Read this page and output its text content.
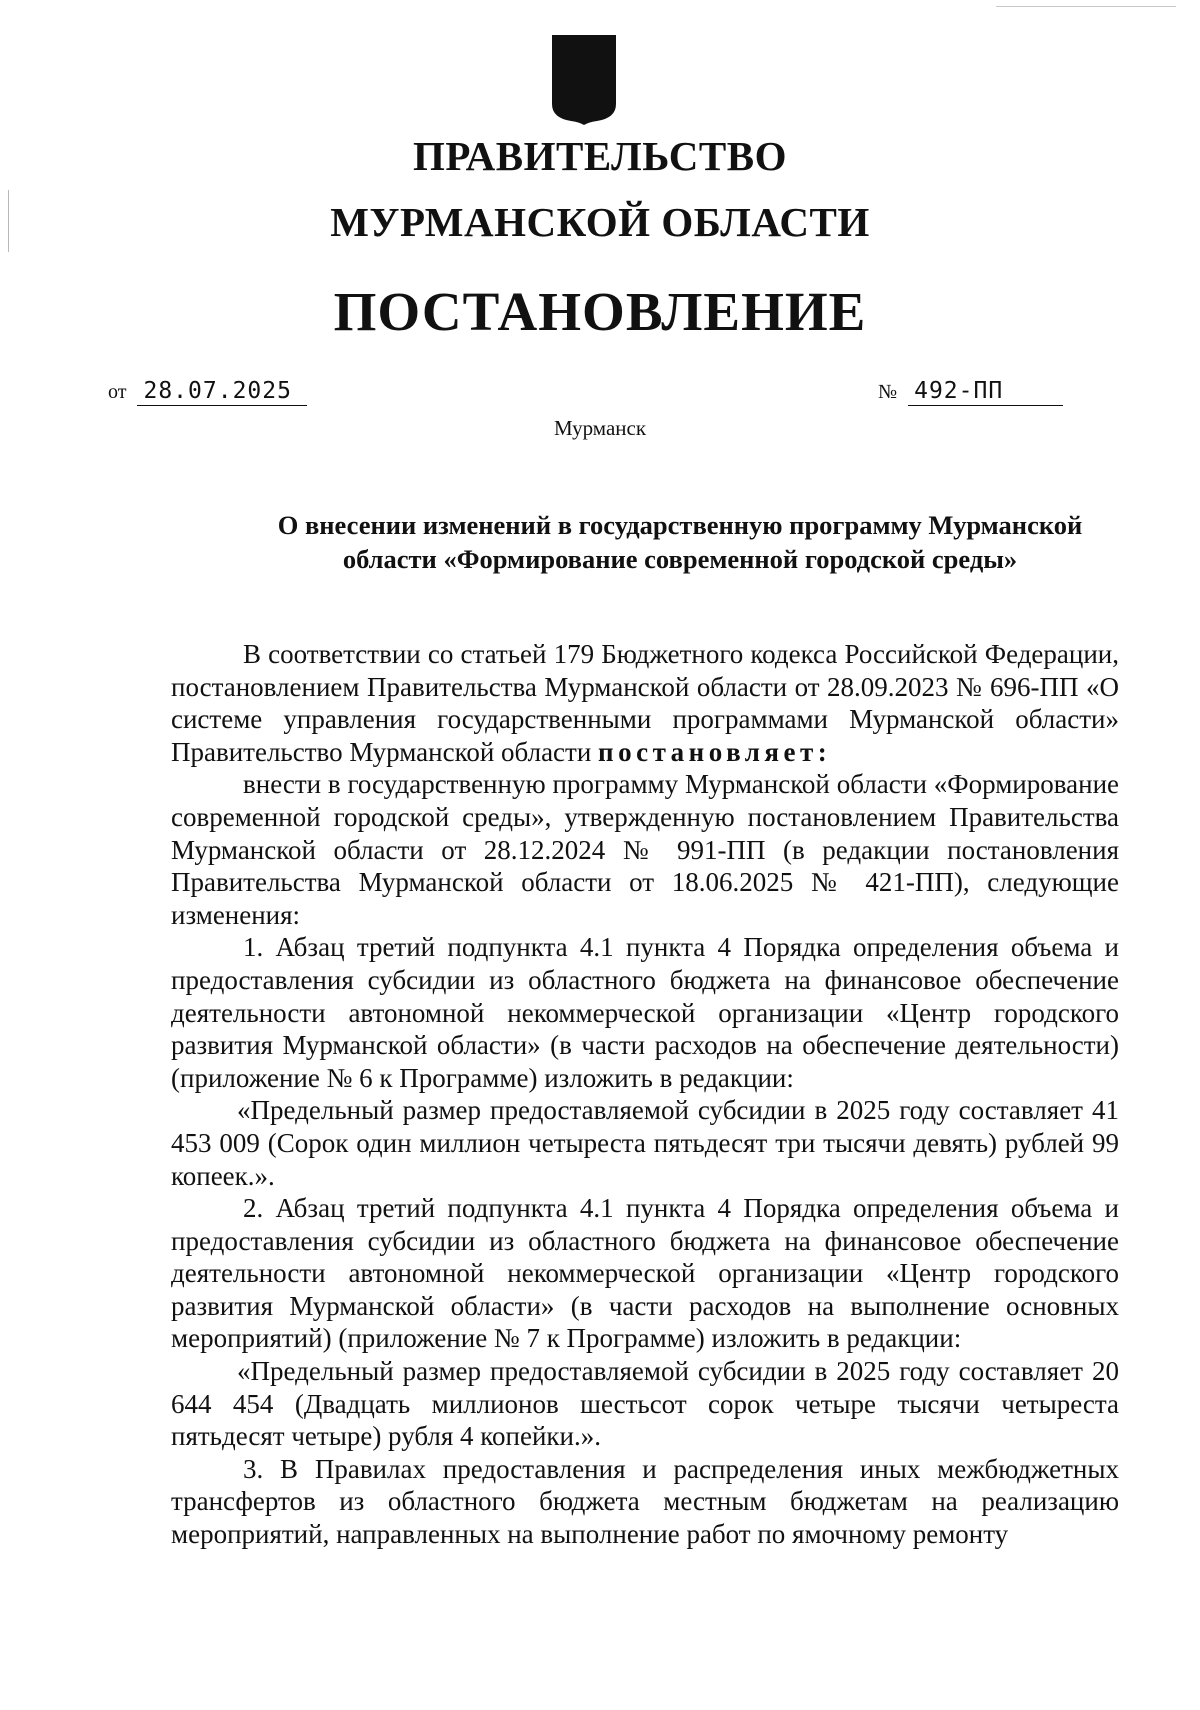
ПРАВИТЕЛЬСТВО
МУРМАНСКОЙ ОБЛАСТИ
ПОСТАНОВЛЕНИЕ
от 28.07.2025	№ 492-ПП
Мурманск
О внесении изменений в государственную программу Мурманской
области «Формирование современной городской среды»

В соответствии со статьей 179 Бюджетного кодекса Российской Федерации, постановлением Правительства Мурманской области от 28.09.2023 № 696-ПП «О системе управления государственными программами Мурманской области» Правительство Мурманской области постановляет:

внести в государственную программу Мурманской области «Формирование современной городской среды», утвержденную постановлением Правительства Мурманской области от 28.12.2024 № 991-ПП (в редакции постановления Правительства Мурманской области от 18.06.2025 № 421-ПП), следующие изменения:

1. Абзац третий подпункта 4.1 пункта 4 Порядка определения объема и предоставления субсидии из областного бюджета на финансовое обеспечение деятельности автономной некоммерческой организации «Центр городского развития Мурманской области» (в части расходов на обеспечение деятельности) (приложение № 6 к Программе) изложить в редакции:

«Предельный размер предоставляемой субсидии в 2025 году составляет 41 453 009 (Сорок один миллион четыреста пятьдесят три тысячи девять) рублей 99 копеек.».

2. Абзац третий подпункта 4.1 пункта 4 Порядка определения объема и предоставления субсидии из областного бюджета на финансовое обеспечение деятельности автономной некоммерческой организации «Центр городского развития Мурманской области» (в части расходов на выполнение основных мероприятий) (приложение № 7 к Программе) изложить в редакции:

«Предельный размер предоставляемой субсидии в 2025 году составляет 20 644 454 (Двадцать миллионов шестьсот сорок четыре тысячи четыреста пятьдесят четыре) рубля 4 копейки.».

3. В Правилах предоставления и распределения иных межбюджетных трансфертов из областного бюджета местным бюджетам на реализацию мероприятий, направленных на выполнение работ по ямочному ремонту
